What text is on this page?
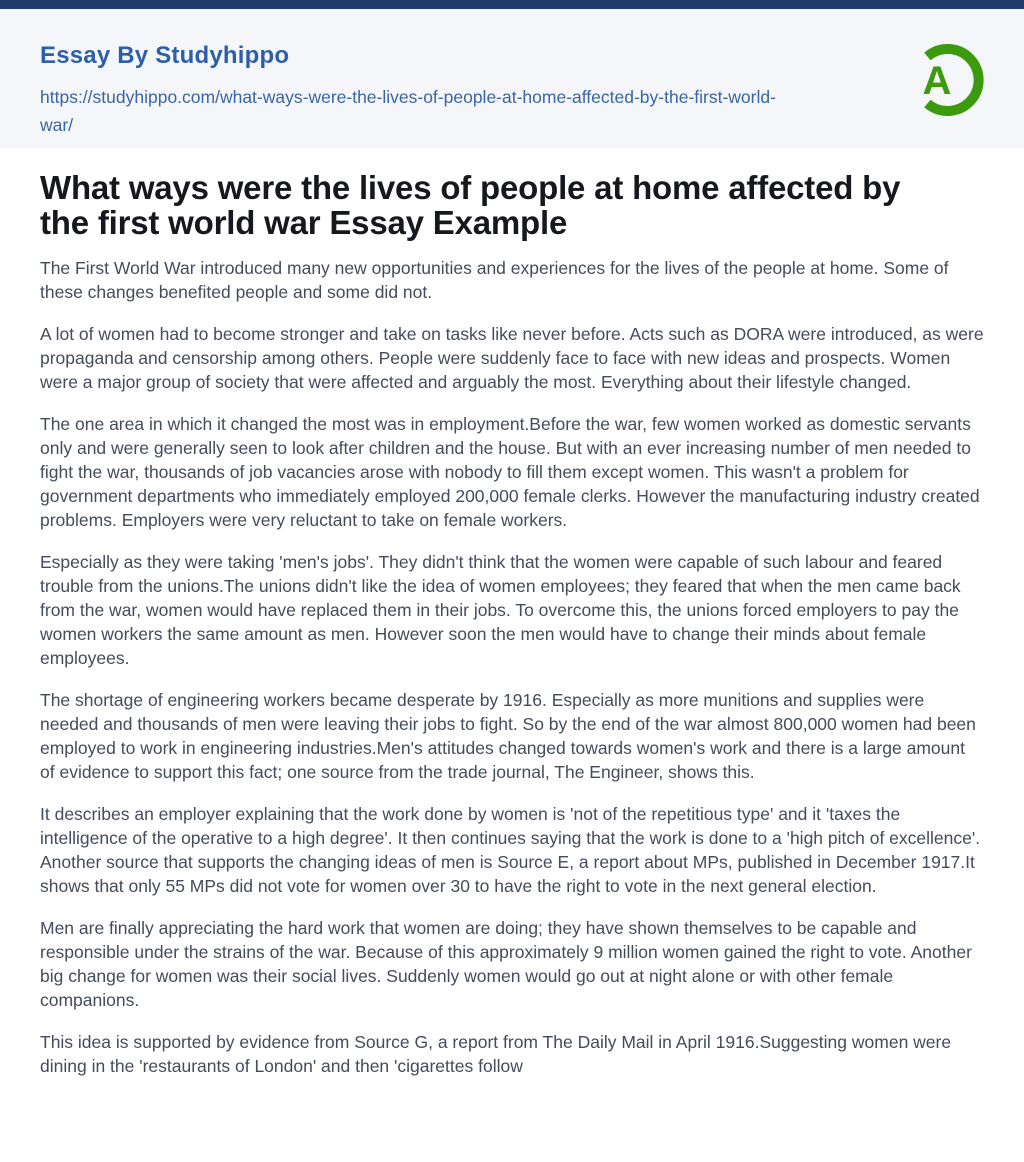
Essay By Studyhippo
https://studyhippo.com/what-ways-were-the-lives-of-people-at-home-affected-by-the-first-world-war/
A
What ways were the lives of people at home affected by the first world war Essay Example

The First World War introduced many new opportunities and experiences for the lives of the people at home. Some of these changes benefited people and some did not.

A lot of women had to become stronger and take on tasks like never before. Acts such as DORA were introduced, as were propaganda and censorship among others. People were suddenly face to face with new ideas and prospects. Women were a major group of society that were affected and arguably the most. Everything about their lifestyle changed.

The one area in which it changed the most was in employment.Before the war, few women worked as domestic servants only and were generally seen to look after children and the house. But with an ever increasing number of men needed to fight the war, thousands of job vacancies arose with nobody to fill them except women. This wasn't a problem for government departments who immediately employed 200,000 female clerks. However the manufacturing industry created problems. Employers were very reluctant to take on female workers.

Especially as they were taking 'men's jobs'. They didn't think that the women were capable of such labour and feared trouble from the unions.The unions didn't like the idea of women employees; they feared that when the men came back from the war, women would have replaced them in their jobs. To overcome this, the unions forced employers to pay the women workers the same amount as men. However soon the men would have to change their minds about female employees.

The shortage of engineering workers became desperate by 1916. Especially as more munitions and supplies were needed and thousands of men were leaving their jobs to fight. So by the end of the war almost 800,000 women had been employed to work in engineering industries.Men's attitudes changed towards women's work and there is a large amount of evidence to support this fact; one source from the trade journal, The Engineer, shows this.

It describes an employer explaining that the work done by women is 'not of the repetitious type' and it 'taxes the intelligence of the operative to a high degree'. It then continues saying that the work is done to a 'high pitch of excellence'. Another source that supports the changing ideas of men is Source E, a report about MPs, published in December 1917.It shows that only 55 MPs did not vote for women over 30 to have the right to vote in the next general election.

Men are finally appreciating the hard work that women are doing; they have shown themselves to be capable and responsible under the strains of the war. Because of this approximately 9 million women gained the right to vote. Another big change for women was their social lives. Suddenly women would go out at night alone or with other female companions.

This idea is supported by evidence from Source G, a report from The Daily Mail in April 1916.Suggesting women were dining in the 'restaurants of London' and then 'cigarettes follow
